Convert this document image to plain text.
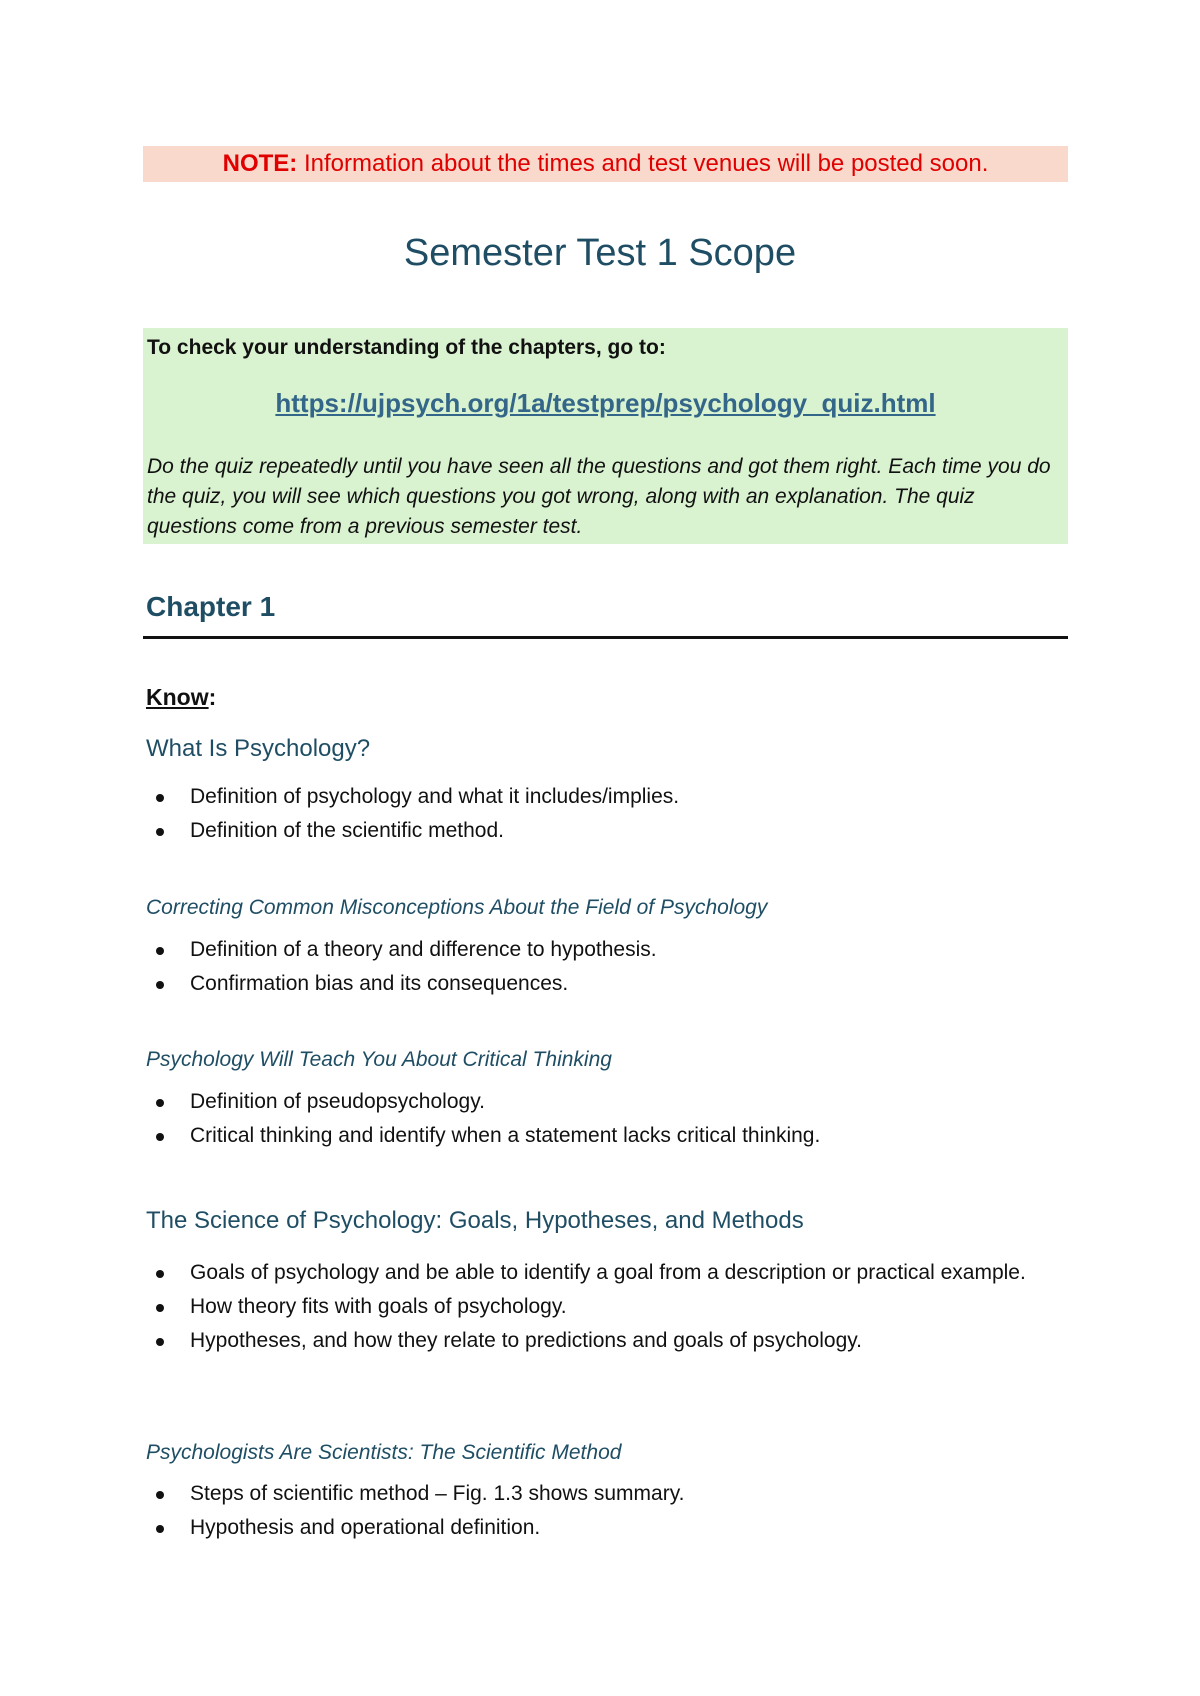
NOTE: Information about the times and test venues will be posted soon.
Semester Test 1 Scope
To check your understanding of the chapters, go to:
https://ujpsych.org/1a/testprep/psychology_quiz.html
Do the quiz repeatedly until you have seen all the questions and got them right. Each time you do the quiz, you will see which questions you got wrong, along with an explanation. The quiz questions come from a previous semester test.
Chapter 1
Know:
What Is Psychology?
Definition of psychology and what it includes/implies.
Definition of the scientific method.
Correcting Common Misconceptions About the Field of Psychology
Definition of a theory and difference to hypothesis.
Confirmation bias and its consequences.
Psychology Will Teach You About Critical Thinking
Definition of pseudopsychology.
Critical thinking and identify when a statement lacks critical thinking.
The Science of Psychology: Goals, Hypotheses, and Methods
Goals of psychology and be able to identify a goal from a description or practical example.
How theory fits with goals of psychology.
Hypotheses, and how they relate to predictions and goals of psychology.
Psychologists Are Scientists: The Scientific Method
Steps of scientific method – Fig. 1.3 shows summary.
Hypothesis and operational definition.
